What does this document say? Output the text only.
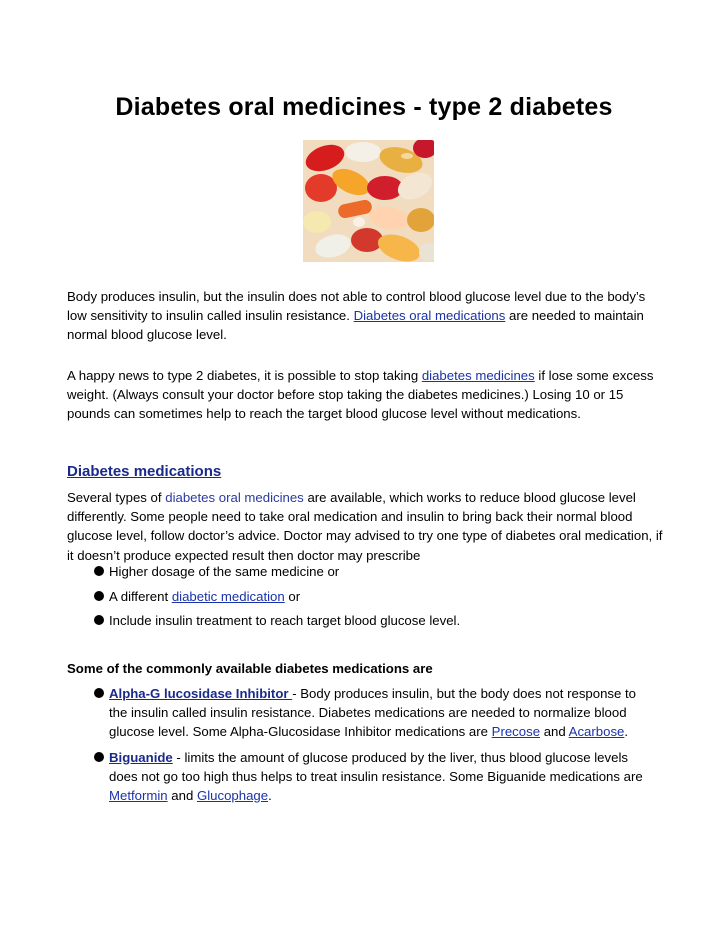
Diabetes oral medicines - type 2 diabetes

Body produces insulin, but the insulin does not able to control blood glucose level due to the body’s low sensitivity to insulin called insulin resistance. Diabetes oral medications are needed to maintain normal blood glucose level.

A happy news to type 2 diabetes, it is possible to stop taking diabetes medicines if lose some excess weight. (Always consult your doctor before stop taking the diabetes medicines.) Losing 10 or 15 pounds can sometimes help to reach the target blood glucose level without medications.

Diabetes medications

Several types of diabetes oral medicines are available, which works to reduce blood glucose level differently. Some people need to take oral medication and insulin to bring back their normal blood glucose level, follow doctor’s advice. Doctor may advised to try one type of diabetes oral medication, if it doesn’t produce expected result then doctor may prescribe

Higher dosage of the same medicine or
A different diabetic medication or
Include insulin treatment to reach target blood glucose level.

Some of the commonly available diabetes medications are

Alpha-G lucosidase Inhibitor - Body produces insulin, but the body does not response to the insulin called insulin resistance. Diabetes medications are needed to normalize blood glucose level. Some Alpha-Glucosidase Inhibitor medications are Precose and Acarbose.
Biguanide - limits the amount of glucose produced by the liver, thus blood glucose levels does not go too high thus helps to treat insulin resistance. Some Biguanide medications are Metformin and Glucophage.
